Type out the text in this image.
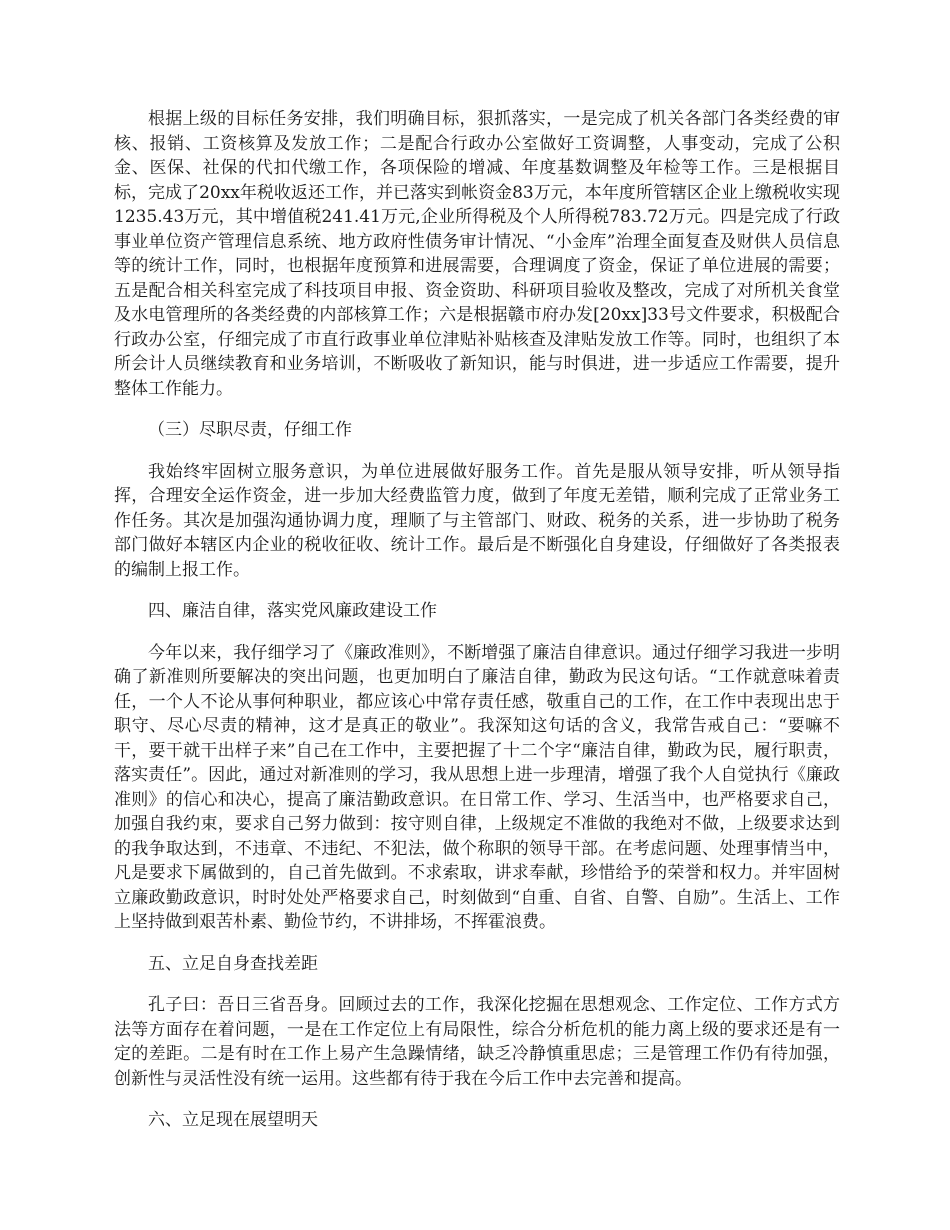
根据上级的目标任务安排，我们明确目标，狠抓落实，一是完成了机关各部门各类经费的审核、报销、工资核算及发放工作；二是配合行政办公室做好工资调整，人事变动，完成了公积金、医保、社保的代扣代缴工作，各项保险的增减、年度基数调整及年检等工作。三是根据目标，完成了20xx年税收返还工作，并已落实到帐资金83万元，本年度所管辖区企业上缴税收实现1235.43万元，其中增值税241.41万元,企业所得税及个人所得税783.72万元。四是完成了行政事业单位资产管理信息系统、地方政府性债务审计情况、“小金库”治理全面复查及财供人员信息等的统计工作，同时，也根据年度预算和进展需要，合理调度了资金，保证了单位进展的需要；五是配合相关科室完成了科技项目申报、资金资助、科研项目验收及整改，完成了对所机关食堂及水电管理所的各类经费的内部核算工作；六是根据赣市府办发[20xx]33号文件要求，积极配合行政办公室，仔细完成了市直行政事业单位津贴补贴核查及津贴发放工作等。同时，也组织了本所会计人员继续教育和业务培训，不断吸收了新知识，能与时俱进，进一步适应工作需要，提升整体工作能力。

（三）尽职尽责，仔细工作

我始终牢固树立服务意识，为单位进展做好服务工作。首先是服从领导安排，听从领导指挥，合理安全运作资金，进一步加大经费监管力度，做到了年度无差错，顺利完成了正常业务工作任务。其次是加强沟通协调力度，理顺了与主管部门、财政、税务的关系，进一步协助了税务部门做好本辖区内企业的税收征收、统计工作。最后是不断强化自身建设，仔细做好了各类报表的编制上报工作。

四、廉洁自律，落实党风廉政建设工作

今年以来，我仔细学习了《廉政准则》，不断增强了廉洁自律意识。通过仔细学习我进一步明确了新准则所要解决的突出问题，也更加明白了廉洁自律，勤政为民这句话。“工作就意味着责任，一个人不论从事何种职业，都应该心中常存责任感，敬重自己的工作，在工作中表现出忠于职守、尽心尽责的精神，这才是真正的敬业”。我深知这句话的含义，我常告戒自己：“要嘛不干，要干就干出样子来”自己在工作中，主要把握了十二个字“廉洁自律，勤政为民，履行职责，落实责任”。因此，通过对新准则的学习，我从思想上进一步理清，增强了我个人自觉执行《廉政准则》的信心和决心，提高了廉洁勤政意识。在日常工作、学习、生活当中，也严格要求自己，加强自我约束，要求自己努力做到：按守则自律，上级规定不准做的我绝对不做，上级要求达到的我争取达到，不违章、不违纪、不犯法，做个称职的领导干部。在考虑问题、处理事情当中，凡是要求下属做到的，自己首先做到。不求索取，讲求奉献，珍惜给予的荣誉和权力。并牢固树立廉政勤政意识，时时处处严格要求自己，时刻做到“自重、自省、自警、自励”。生活上、工作上坚持做到艰苦朴素、勤俭节约，不讲排场，不挥霍浪费。

五、立足自身查找差距

孔子曰：吾日三省吾身。回顾过去的工作，我深化挖掘在思想观念、工作定位、工作方式方法等方面存在着问题，一是在工作定位上有局限性，综合分析危机的能力离上级的要求还是有一定的差距。二是有时在工作上易产生急躁情绪，缺乏冷静慎重思虑；三是管理工作仍有待加强，创新性与灵活性没有统一运用。这些都有待于我在今后工作中去完善和提高。

六、立足现在展望明天
